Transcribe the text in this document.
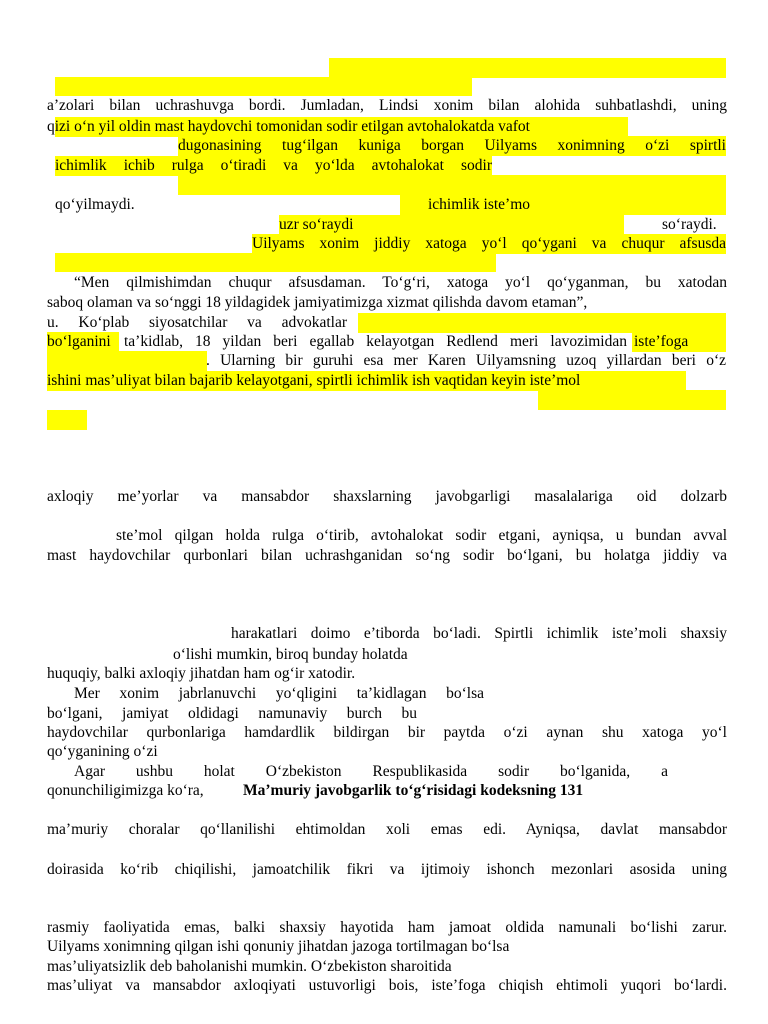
a’zolari bilan uchrashuvga bordi. Jumladan, Lindsi xonim bilan alohida suhbatlashdi, uning
qizi o‘n yil oldin mast haydovchi tomonidan sodir etilgan avtohalokatda vafot
dugonasining tug‘ilgan kuniga borgan Uilyams xonimning o‘zi spirtli
ichimlik ichib rulga o‘tiradi va yo‘lda avtohalokat sodir
qo‘yilmaydi.	ichimlik iste’mo
uzr so‘raydi	so‘raydi.
Uilyams xonim jiddiy xatoga yo‘l qo‘ygani va chuqur afsusda
“Men qilmishimdan chuqur afsusdaman. To‘g‘ri, xatoga yo‘l qo‘yganman, bu xatodan
saboq olaman va so‘nggi 18 yildagidek jamiyatimizga xizmat qilishda davom etaman”,
u. Ko‘plab siyosatchilar va advokatlar
bo‘lganini ta’kidlab, 18 yildan beri egallab kelayotgan Redlend meri lavozimidan iste’foga
. Ularning bir guruhi esa mer Karen Uilyamsning uzoq yillardan beri o‘z
ishini mas’uliyat bilan bajarib kelayotgani, spirtli ichimlik ish vaqtidan keyin iste’mol
axloqiy me’yorlar va mansabdor shaxslarning javobgarligi masalalariga oid dolzarb
ste’mol qilgan holda rulga o‘tirib, avtohalokat sodir etgani, ayniqsa, u bundan avval
mast haydovchilar qurbonlari bilan uchrashganidan so‘ng sodir bo‘lgani, bu holatga jiddiy va
harakatlari doimo e’tiborda bo‘ladi. Spirtli ichimlik iste’moli shaxsiy
o‘lishi mumkin, biroq bunday holatda
huquqiy, balki axloqiy jihatdan ham og‘ir xatodir.
Mer xonim jabrlanuvchi yo‘qligini ta’kidlagan bo‘lsa
bo‘lgani, jamiyat oldidagi namunaviy burch bu
haydovchilar qurbonlariga hamdardlik bildirgan bir paytda o‘zi aynan shu xatoga yo‘l
qo‘yganining o‘zi
Agar ushbu holat O‘zbekiston Respublikasida sodir bo‘lganida, a
qonunchiligimizga ko‘ra,	Ma’muriy javobgarlik to‘g‘risidagi kodeksning 131
ma’muriy choralar qo‘llanilishi ehtimoldan xoli emas edi. Ayniqsa, davlat mansabdor
doirasida ko‘rib chiqilishi, jamoatchilik fikri va ijtimoiy ishonch mezonlari asosida uning
rasmiy faoliyatida emas, balki shaxsiy hayotida ham jamoat oldida namunali bo‘lishi zarur.
Uilyams xonimning qilgan ishi qonuniy jihatdan jazoga tortilmagan bo‘lsa
mas’uliyatsizlik deb baholanishi mumkin. O‘zbekiston sharoitida
mas’uliyat va mansabdor axloqiyati ustuvorligi bois, iste’foga chiqish ehtimoli yuqori bo‘lardi.
